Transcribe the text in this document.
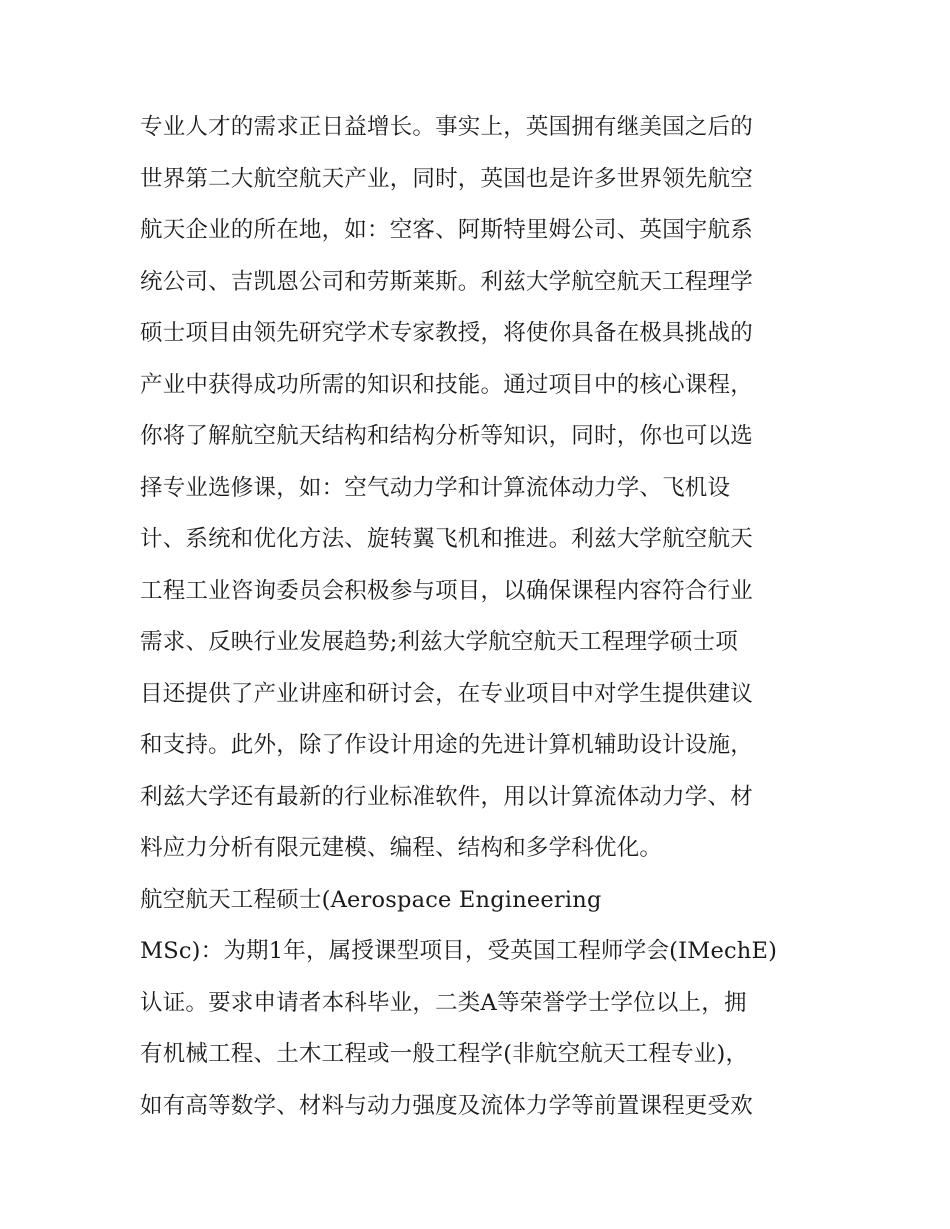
专业人才的需求正日益增长。事实上，英国拥有继美国之后的
世界第二大航空航天产业，同时，英国也是许多世界领先航空
航天企业的所在地，如：空客、阿斯特里姆公司、英国宇航系
统公司、吉凯恩公司和劳斯莱斯。利兹大学航空航天工程理学
硕士项目由领先研究学术专家教授，将使你具备在极具挑战的
产业中获得成功所需的知识和技能。通过项目中的核心课程，
你将了解航空航天结构和结构分析等知识，同时，你也可以选
择专业选修课，如：空气动力学和计算流体动力学、飞机设
计、系统和优化方法、旋转翼飞机和推进。利兹大学航空航天
工程工业咨询委员会积极参与项目，以确保课程内容符合行业
需求、反映行业发展趋势;利兹大学航空航天工程理学硕士项
目还提供了产业讲座和研讨会，在专业项目中对学生提供建议
和支持。此外，除了作设计用途的先进计算机辅助设计设施，
利兹大学还有最新的行业标准软件，用以计算流体动力学、材
料应力分析有限元建模、编程、结构和多学科优化。
航空航天工程硕士(Aerospace Engineering
MSc)：为期1年，属授课型项目，受英国工程师学会(IMechE)
认证。要求申请者本科毕业，二类A等荣誉学士学位以上，拥
有机械工程、土木工程或一般工程学(非航空航天工程专业)，
如有高等数学、材料与动力强度及流体力学等前置课程更受欢
